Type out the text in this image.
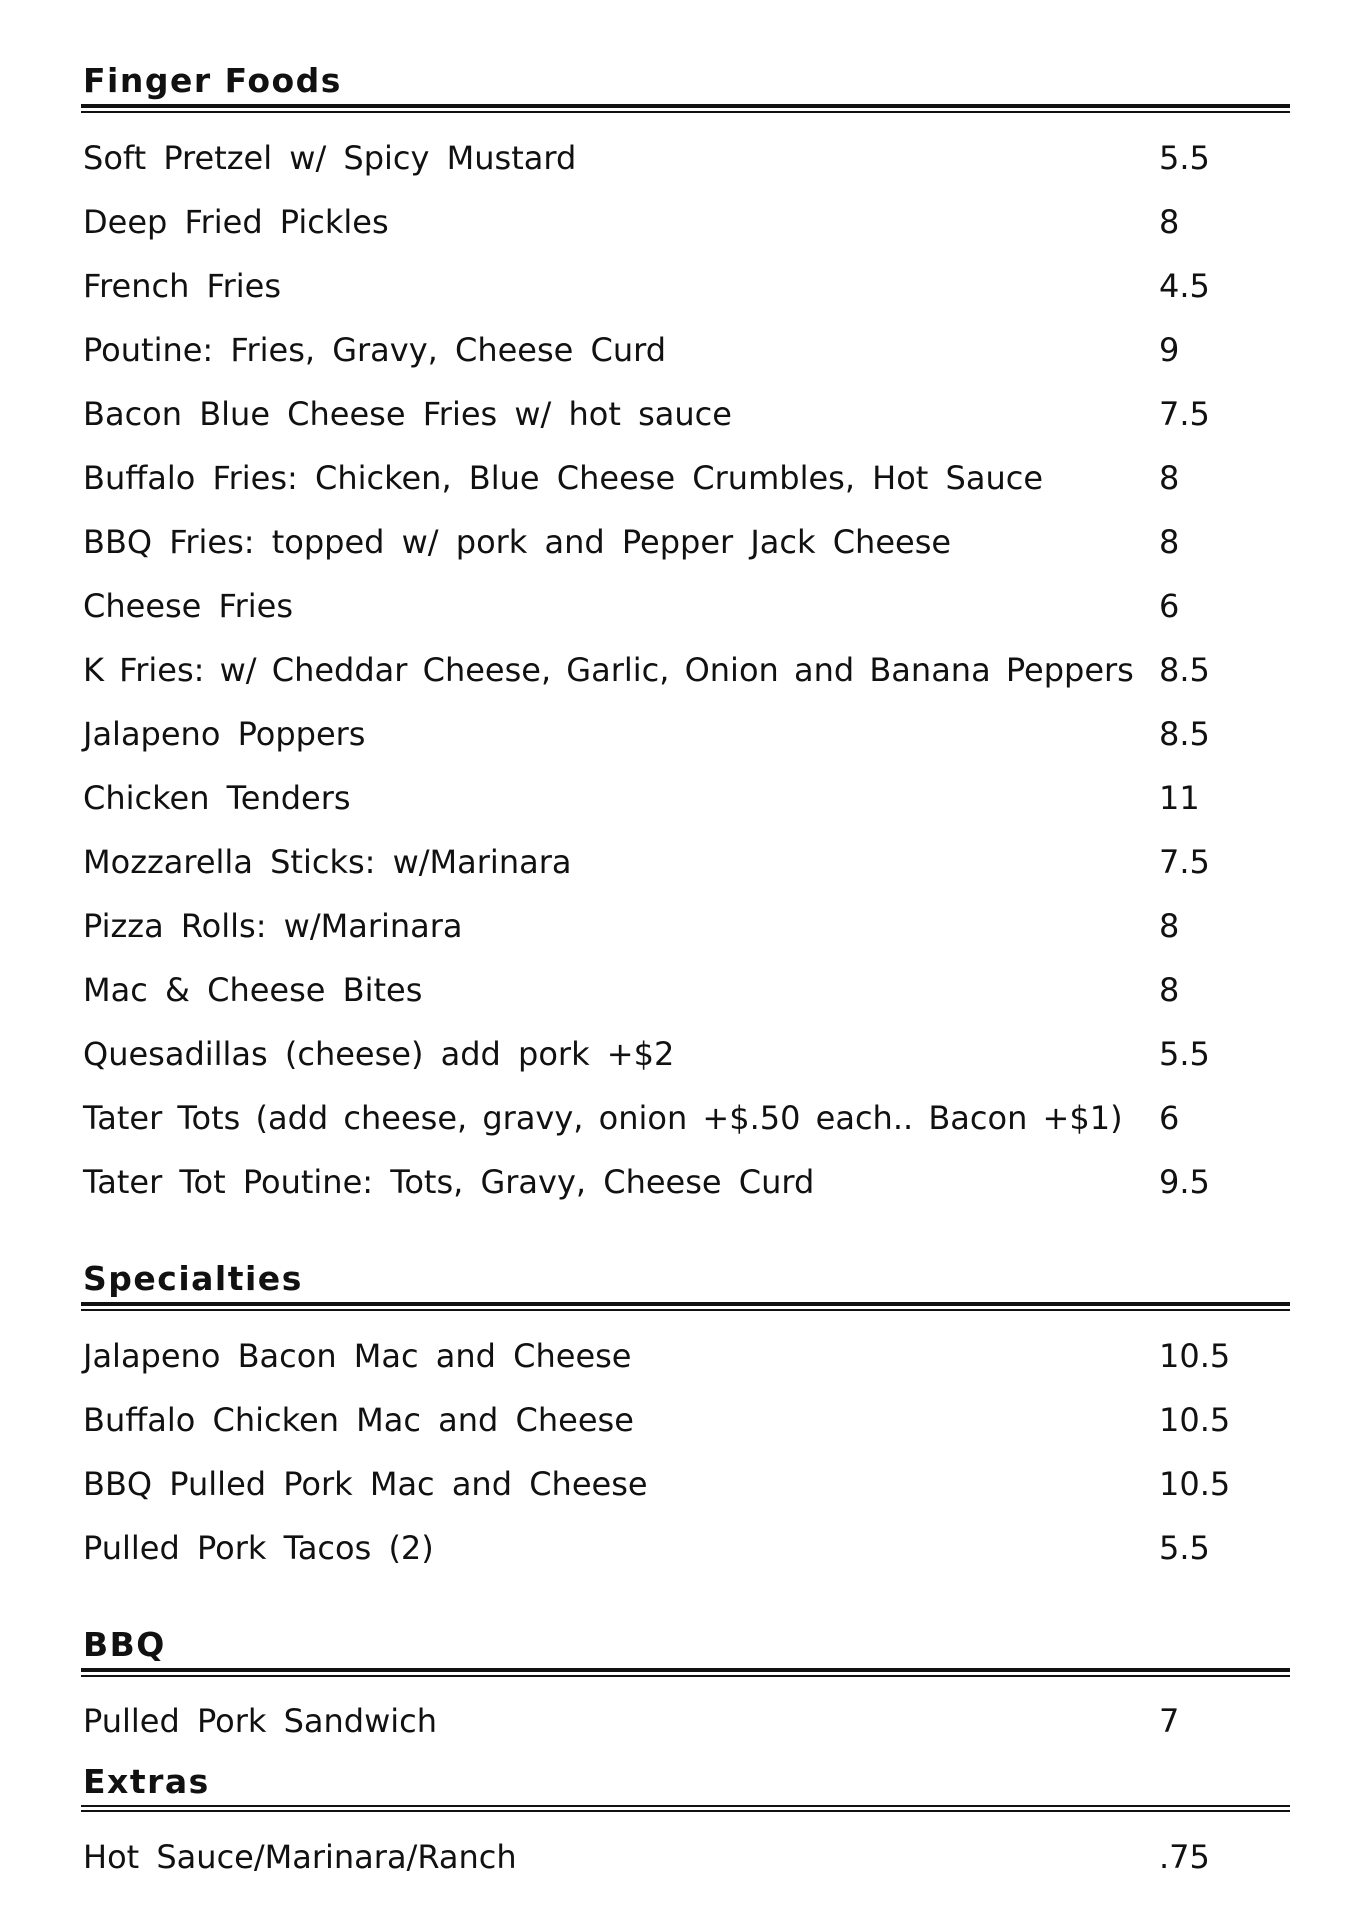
Finger Foods
Soft Pretzel w/ Spicy Mustard	5.5
Deep Fried Pickles	8
French Fries	4.5
Poutine: Fries, Gravy, Cheese Curd	9
Bacon Blue Cheese Fries w/ hot sauce	7.5
Buffalo Fries: Chicken, Blue Cheese Crumbles, Hot Sauce	8
BBQ Fries: topped w/ pork and Pepper Jack Cheese	8
Cheese Fries	6
K Fries: w/ Cheddar Cheese, Garlic, Onion and Banana Peppers 8.5
Jalapeno Poppers	8.5
Chicken Tenders	11
Mozzarella Sticks: w/Marinara	7.5
Pizza Rolls: w/Marinara	8
Mac & Cheese Bites	8
Quesadillas (cheese) add pork +$2	5.5
Tater Tots (add cheese, gravy, onion +$.50 each.. Bacon +$1) 6
Tater Tot Poutine: Tots, Gravy, Cheese Curd	9.5
Specialties
Jalapeno Bacon Mac and Cheese	10.5
Buffalo Chicken Mac and Cheese	10.5
BBQ Pulled Pork Mac and Cheese	10.5
Pulled Pork Tacos (2)	5.5
BBQ
Pulled Pork Sandwich	7
Extras
Hot Sauce/Marinara/Ranch	.75
